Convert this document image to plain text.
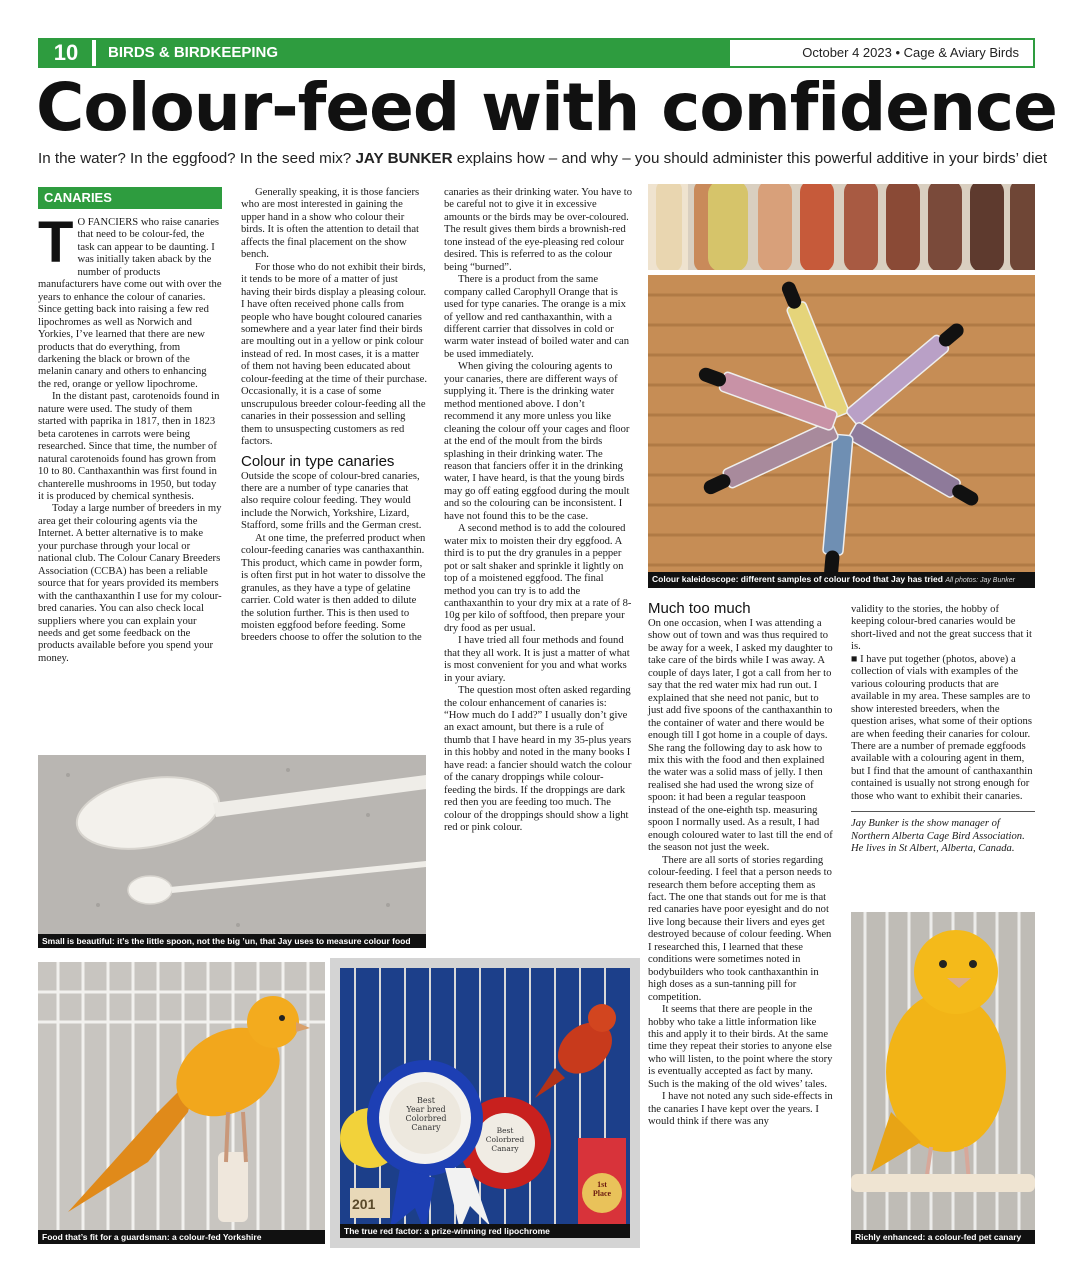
10	BIRDS & BIRDKEEPING	October 4 2023 • Cage & Aviary Birds
Colour-feed with confidence
In the water? In the eggfood? In the seed mix? JAY BUNKER explains how – and why – you should administer this powerful additive in your birds’ diet
CANARIES

T O FANCIERS who raise canaries that need to be colour-fed, the task can appear to be daunting. I was initially taken aback by the number of products manufacturers have come out with over the years to enhance the colour of canaries. Since getting back into raising a few red lipochromes as well as Norwich and Yorkies, I’ve learned that there are new products that do everything, from darkening the black or brown of the melanin canary and others to enhancing the red, orange or yellow lipochrome.

In the distant past, carotenoids found in nature were used. The study of them started with paprika in 1817, then in 1823 beta carotenes in carrots were being researched. Since that time, the number of natural carotenoids found has grown from 10 to 80. Canthaxanthin was first found in chanterelle mushrooms in 1950, but today it is produced by chemical synthesis.

Today a large number of breeders in my area get their colouring agents via the Internet. A better alternative is to make your purchase through your local or national club. The Colour Canary Breeders Association (CCBA) has been a reliable source that for years provided its members with the canthaxanthin I use for my colour-bred canaries. You can also check local suppliers where you can explain your needs and get some feedback on the products available before you spend your money.

Generally speaking, it is those fanciers who are most interested in gaining the upper hand in a show who colour their birds. It is often the attention to detail that affects the final placement on the show bench.

For those who do not exhibit their birds, it tends to be more of a matter of just having their birds display a pleasing colour. I have often received phone calls from people who have bought coloured canaries somewhere and a year later find their birds are moulting out in a yellow or pink colour instead of red. In most cases, it is a matter of them not having been educated about colour-feeding at the time of their purchase. Occasionally, it is a case of some unscrupulous breeder colour-feeding all the canaries in their possession and selling them to unsuspecting customers as red factors.

Colour in type canaries

Outside the scope of colour-bred canaries, there are a number of type canaries that also require colour feeding. They would include the Norwich, Yorkshire, Lizard, Stafford, some frills and the German crest.

At one time, the preferred product when colour-feeding canaries was canthaxanthin. This product, which came in powder form, is often first put in hot water to dissolve the granules, as they have a type of gelatine carrier. Cold water is then added to dilute the solution further. This is then used to moisten eggfood before feeding. Some breeders choose to offer the solution to the

canaries as their drinking water. You have to be careful not to give it in excessive amounts or the birds may be over-coloured. The result gives them birds a brownish-red tone instead of the eye-pleasing red colour desired. This is referred to as the colour being “burned”.

There is a product from the same company called Carophyll Orange that is used for type canaries. The orange is a mix of yellow and red canthaxanthin, with a different carrier that dissolves in cold or warm water instead of boiled water and can be used immediately.

When giving the colouring agents to your canaries, there are different ways of supplying it. There is the drinking water method mentioned above. I don’t recommend it any more unless you like cleaning the colour off your cages and floor at the end of the moult from the birds splashing in their drinking water. The reason that fanciers offer it in the drinking water, I have heard, is that the young birds may go off eating eggfood during the moult and so the colouring can be inconsistent. I have not found this to be the case.

A second method is to add the coloured water mix to moisten their dry eggfood. A third is to put the dry granules in a pepper pot or salt shaker and sprinkle it lightly on top of a moistened eggfood. The final method you can try is to add the canthaxanthin to your dry mix at a rate of 8-10g per kilo of softfood, then prepare your dry food as per usual.

I have tried all four methods and found that they all work. It is just a matter of what is most convenient for you and what works in your aviary.

The question most often asked regarding the colour enhancement of canaries is: “How much do I add?” I usually don’t give an exact amount, but there is a rule of thumb that I have heard in my 35-plus years in this hobby and noted in the many books I have read: a fancier should watch the colour of the canary droppings while colour-feeding the birds. If the droppings are dark red then you are feeding too much. The colour of the droppings should show a light red or pink colour.

Much too much

On one occasion, when I was attending a show out of town and was thus required to be away for a week, I asked my daughter to take care of the birds while I was away. A couple of days later, I got a call from her to say that the red water mix had run out. I explained that she need not panic, but to just add five spoons of the canthaxanthin to the container of water and there would be enough till I got home in a couple of days. She rang the following day to ask how to mix this with the food and then explained the water was a solid mass of jelly. I then realised she had used the wrong size of spoon: it had been a regular teaspoon instead of the one-eighth tsp. measuring spoon I normally used. As a result, I had enough coloured water to last till the end of the season not just the week.

There are all sorts of stories regarding colour-feeding. I feel that a person needs to research them before accepting them as fact. The one that stands out for me is that red canaries have poor eyesight and do not live long because their livers and eyes get destroyed because of colour feeding. When I researched this, I learned that these conditions were sometimes noted in bodybuilders who took canthaxanthin in high doses as a sun-tanning pill for competition.

It seems that there are people in the hobby who take a little information like this and apply it to their birds. At the same time they repeat their stories to anyone else who will listen, to the point where the story is eventually accepted as fact by many. Such is the making of the old wives’ tales.

I have not noted any such side-effects in the canaries I have kept over the years. I would think if there was any

validity to the stories, the hobby of keeping colour-bred canaries would be short-lived and not the great success that it is.

■ I have put together (photos, above) a collection of vials with examples of the various colouring products that are available in my area. These samples are to show interested breeders, when the question arises, what some of their options are when feeding their canaries for colour. There are a number of premade eggfoods available with a colouring agent in them, but I find that the amount of canthaxanthin contained is usually not strong enough for those who want to exhibit their canaries.

Jay Bunker is the show manager of Northern Alberta Cage Bird Association. He lives in St Albert, Alberta, Canada.

Colour kaleidoscope: different samples of colour food that Jay has tried All photos: Jay Bunker
Small is beautiful: it’s the little spoon, not the big ’un, that Jay uses to measure colour food
Food that’s fit for a guardsman: a colour-fed Yorkshire
Best
Year bred
Colorbred
Canary	Best
Colorbred
Canary
1st
Place
201
The true red factor: a prize-winning red lipochrome
Richly enhanced: a colour-fed pet canary
